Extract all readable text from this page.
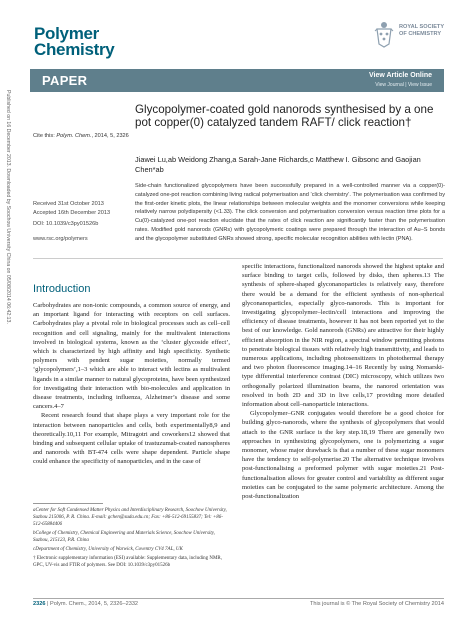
Published on 16 December 2013. Downloaded by Soochow University China on 05/08/2014 06:42:13.
Polymer
Chemistry
ROYAL SOCIETY
OF CHEMISTRY
PAPER	View Article Online
View Journal | View Issue
Cite this: Polym. Chem., 2014, 5, 2326
Glycopolymer-coated gold nanorods synthesised by a one pot copper(0) catalyzed tandem RAFT/ click reaction†
Jiawei Lu,ab Weidong Zhang,a Sarah-Jane Richards,c Matthew I. Gibsonc and Gaojian Chen*ab
Side-chain functionalized glycopolymers have been successfully prepared in a well-controlled manner via a copper(0)-catalyzed one-pot reaction combining living radical polymerisation and ‘click chemistry’. The polymerisation was confirmed by the first-order kinetic plots, the linear relationships between molecular weights and the monomer conversions while keeping relatively narrow polydispersity (<1.33). The click conversion and polymerisation conversion versus reaction time plots for a Cu(0)-catalyzed one-pot reaction elucidate that the rates of click reaction are significantly faster than the polymerisation rates. Modified gold nanorods (GNRs) with glycopolymeric coatings were prepared through the interaction of Au–S bonds and the glycopolymer substituted GNRs showed strong, specific molecular recognition abilities with lectin (PNA).
Received 31st October 2013
Accepted 16th December 2013
DOI: 10.1039/c3py01526b
www.rsc.org/polymers
Introduction

Carbohydrates are non-ionic compounds, a common source of energy, and an important ligand for interacting with receptors on cell surfaces. Carbohydrates play a pivotal role in biological processes such as cell–cell recognition and cell signaling, mainly for the multivalent interactions involved in biological systems, known as the ‘cluster glycoside effect’, which is characterized by high affinity and high specificity. Synthetic polymers with pendent sugar moieties, normally termed ‘glycopolymers’,1–3 which are able to interact with lectins as multivalent ligands in a similar manner to natural glycoproteins, have been synthesized for investigating their interaction with bio-molecules and application in disease treatments, including influenza, Alzheimer’s disease and some cancers.4–7

Recent research found that shape plays a very important role for the interaction between nanoparticles and cells, both experimentally8,9 and theoretically.10,11 For example, Mitragotri and coworkers12 showed that binding and subsequent cellular uptake of trastuzumab-coated nanospheres and nanorods with BT-474 cells were shape dependent. Particle shape could enhance the specificity of nanoparticles, and in the case of

specific interactions, functionalized nanorods showed the highest uptake and surface binding to target cells, followed by disks, then spheres.13 The synthesis of sphere-shaped glyconanoparticles is relatively easy, therefore there would be a demand for the efficient synthesis of non-spherical glyconanoparticles, especially glyco-nanorods. This is important for investigating glycopolymer–lectin/cell interactions and improving the efficiency of disease treatments, however it has not been reported yet to the best of our knowledge. Gold nanorods (GNRs) are attractive for their highly efficient absorption in the NIR region, a spectral window permitting photons to penetrate biological tissues with relatively high transmittivity, and leads to numerous applications, including photosensitizers in photothermal therapy and two photon fluorescence imaging.14–16 Recently by using Nomarski-type differential interference contrast (DIC) microscopy, which utilizes two orthogonally polarized illumination beams, the nanorod orientation was resolved in both 2D and 3D in live cells,17 providing more detailed information about cell–nanoparticle interactions.

Glycopolymer–GNR conjugates would therefore be a good choice for building glyco-nanorods, where the synthesis of glycopolymers that would attach to the GNR surface is the key step.18,19 There are generally two approaches in synthesizing glycopolymers, one is polymerizing a sugar monomer, whose major drawback is that a number of these sugar monomers have the tendency to self-polymerise.20 The alternative technique involves post-functionalising a preformed polymer with sugar moieties.21 Post-functionalisation allows for greater control and variability as different sugar moieties can be conjugated to the same polymeric architecture. Among the post-functionalization

aCenter for Soft Condensed Matter Physics and Interdisciplinary Research, Soochow University, Suzhou 215006, P. R. China. E-mail: gchen@suda.edu.cn; Fax: +86-512-69155837; Tel: +86-512-65884406

bCollege of Chemistry, Chemical Engineering and Materials Science, Soochow University, Suzhou, 215123, P.R. China

cDepartment of Chemistry, University of Warwick, Coventry CV4 7AL, UK

† Electronic supplementary information (ESI) available: Supplementary data, including NMR, GPC, UV-vis and FTIR of polymers. See DOI: 10.1039/c3py01526b

2326 | Polym. Chem., 2014, 5, 2326–2332	This journal is © The Royal Society of Chemistry 2014
